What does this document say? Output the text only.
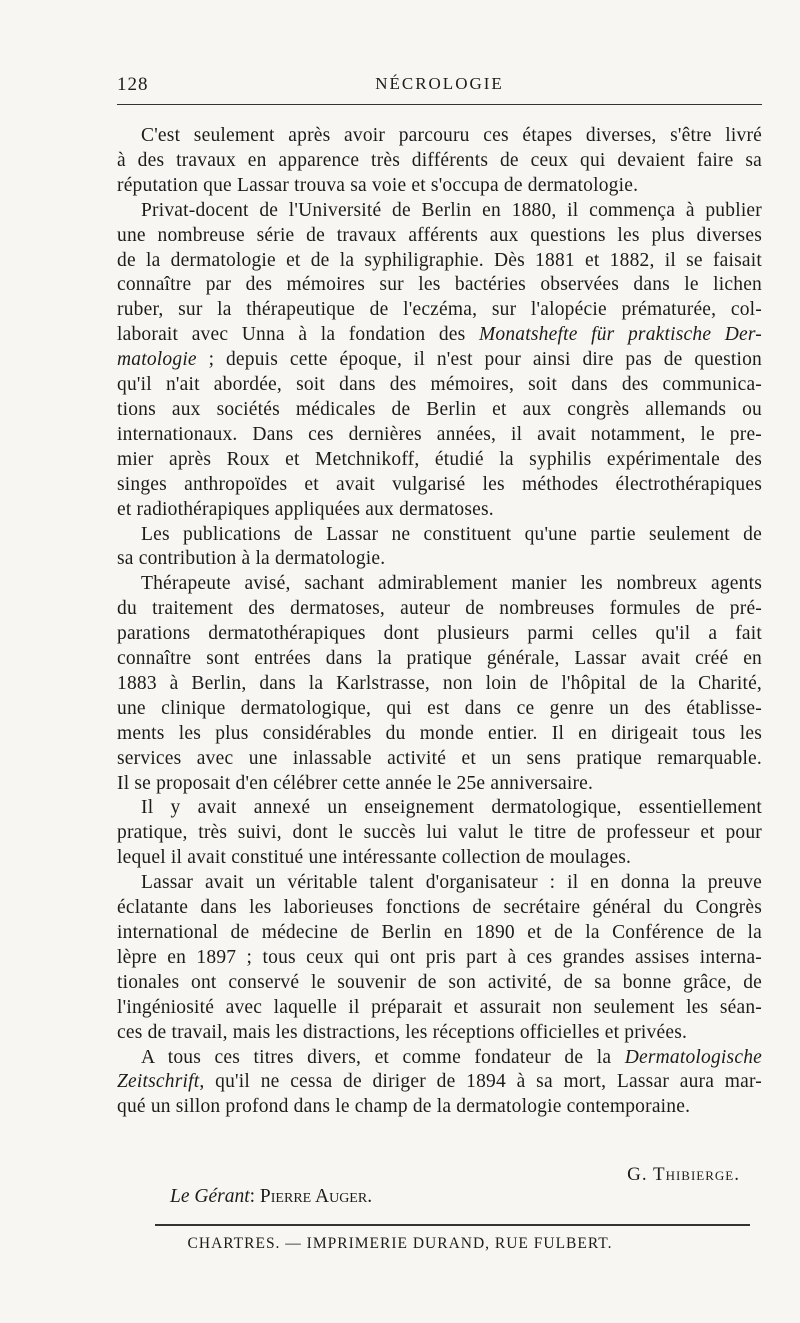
128	NÉCROLOGIE
C'est seulement après avoir parcouru ces étapes diverses, s'être livré
à des travaux en apparence très différents de ceux qui devaient faire sa
réputation que Lassar trouva sa voie et s'occupa de dermatologie.
Privat-docent de l'Université de Berlin en 1880, il commença à publier
une nombreuse série de travaux afférents aux questions les plus diverses
de la dermatologie et de la syphiligraphie. Dès 1881 et 1882, il se faisait
connaître par des mémoires sur les bactéries observées dans le lichen
ruber, sur la thérapeutique de l'eczéma, sur l'alopécie prématurée, col-
laborait avec Unna à la fondation des Monatshefte für praktische Der-
matologie ; depuis cette époque, il n'est pour ainsi dire pas de question
qu'il n'ait abordée, soit dans des mémoires, soit dans des communica-
tions aux sociétés médicales de Berlin et aux congrès allemands ou
internationaux. Dans ces dernières années, il avait notamment, le pre-
mier après Roux et Metchnikoff, étudié la syphilis expérimentale des
singes anthropoïdes et avait vulgarisé les méthodes électrothérapiques
et radiothérapiques appliquées aux dermatoses.
Les publications de Lassar ne constituent qu'une partie seulement de
sa contribution à la dermatologie.
Thérapeute avisé, sachant admirablement manier les nombreux agents
du traitement des dermatoses, auteur de nombreuses formules de pré-
parations dermatothérapiques dont plusieurs parmi celles qu'il a fait
connaître sont entrées dans la pratique générale, Lassar avait créé en
1883 à Berlin, dans la Karlstrasse, non loin de l'hôpital de la Charité,
une clinique dermatologique, qui est dans ce genre un des établisse-
ments les plus considérables du monde entier. Il en dirigeait tous les
services avec une inlassable activité et un sens pratique remarquable.
Il se proposait d'en célébrer cette année le 25e anniversaire.
Il y avait annexé un enseignement dermatologique, essentiellement
pratique, très suivi, dont le succès lui valut le titre de professeur et pour
lequel il avait constitué une intéressante collection de moulages.
Lassar avait un véritable talent d'organisateur : il en donna la preuve
éclatante dans les laborieuses fonctions de secrétaire général du Congrès
international de médecine de Berlin en 1890 et de la Conférence de la
lèpre en 1897 ; tous ceux qui ont pris part à ces grandes assises interna-
tionales ont conservé le souvenir de son activité, de sa bonne grâce, de
l'ingéniosité avec laquelle il préparait et assurait non seulement les séan-
ces de travail, mais les distractions, les réceptions officielles et privées.
A tous ces titres divers, et comme fondateur de la Dermatologische
Zeitschrift, qu'il ne cessa de diriger de 1894 à sa mort, Lassar aura mar-
qué un sillon profond dans le champ de la dermatologie contemporaine.
G. Thibierge.
Le Gérant: Pierre Auger.
CHARTRES. — IMPRIMERIE DURAND, RUE FULBERT.
